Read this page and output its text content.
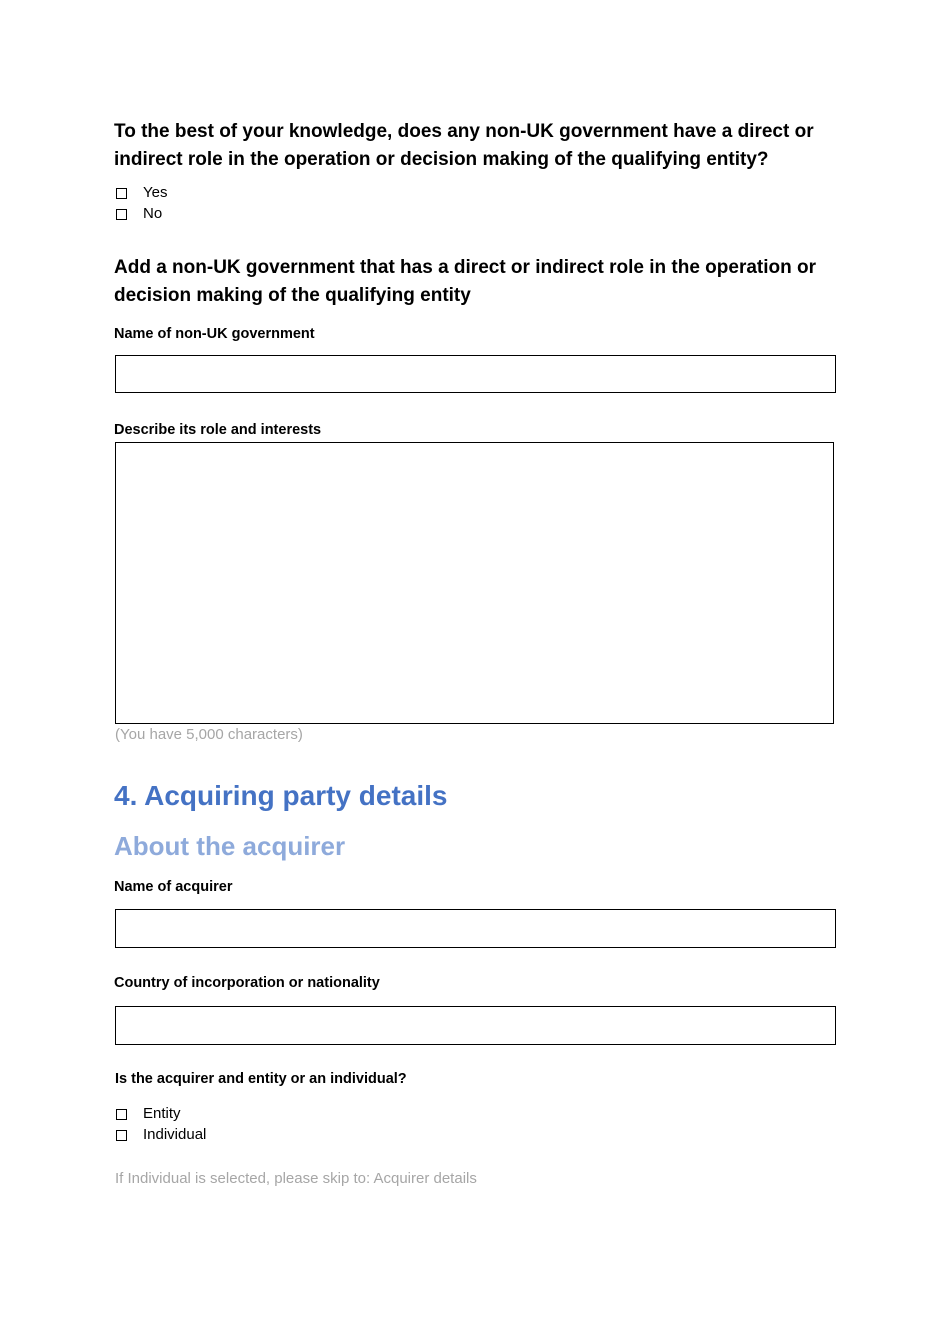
To the best of your knowledge, does any non-UK government have a direct or indirect role in the operation or decision making of the qualifying entity?

Yes
No

Add a non-UK government that has a direct or indirect role in the operation or decision making of the qualifying entity

Name of non-UK government

Describe its role and interests

(You have 5,000 characters)
4. Acquiring party details
About the acquirer

Name of acquirer

Country of incorporation or nationality

Is the acquirer and entity or an individual?

Entity
Individual
If Individual is selected, please skip to: Acquirer details
